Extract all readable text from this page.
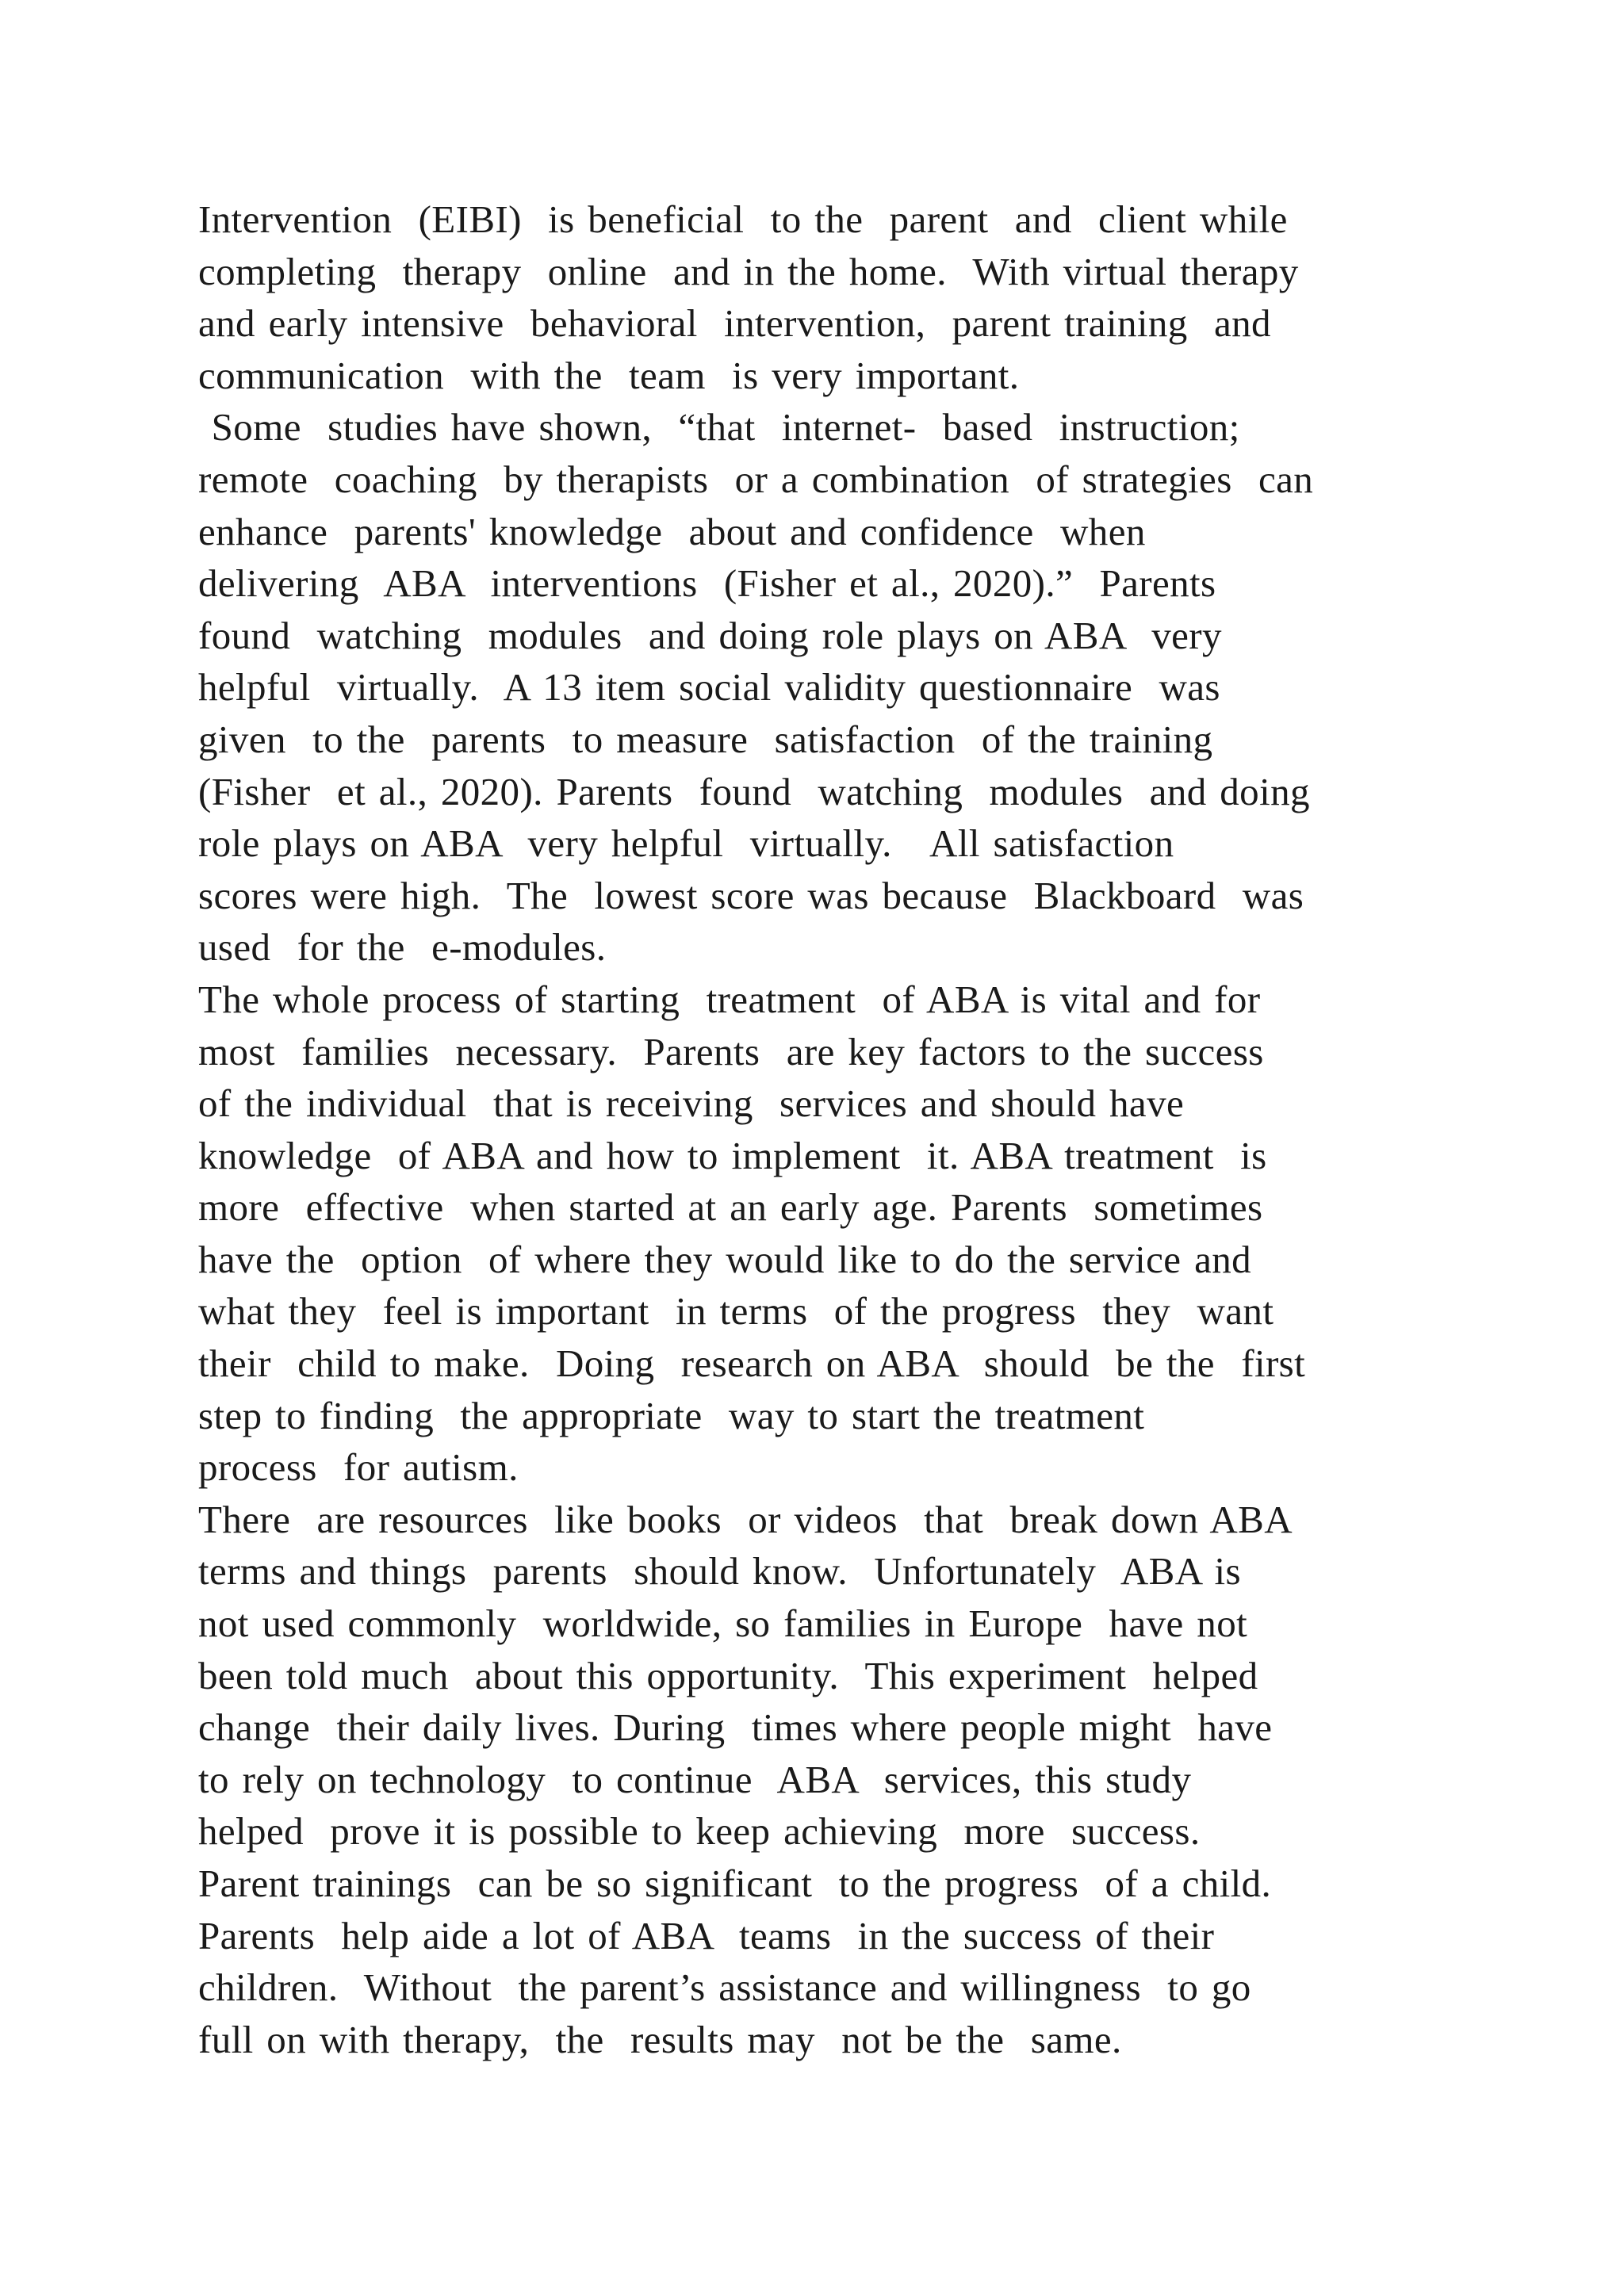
Intervention  (EIBI)  is beneficial  to the  parent  and  client while
completing  therapy  online  and in the home.  With virtual therapy
and early intensive  behavioral  intervention,  parent training  and
communication  with the  team  is very important.
Some  studies have shown,  “that  internet-  based  instruction;
remote  coaching  by therapists  or a combination  of strategies  can
enhance  parents' knowledge  about and confidence  when
delivering  ABA  interventions  (Fisher et al., 2020).”  Parents
found  watching  modules  and doing role plays on ABA  very
helpful  virtually.  A 13 item social validity questionnaire  was
given  to the  parents  to measure  satisfaction  of the training
(Fisher  et al., 2020). Parents  found  watching  modules  and doing
role plays on ABA  very helpful  virtually.   All satisfaction
scores were high.  The  lowest score was because  Blackboard  was
used  for the  e-modules.
The whole process of starting  treatment  of ABA is vital and for
most  families  necessary.  Parents  are key factors to the success
of the individual  that is receiving  services and should have
knowledge  of ABA and how to implement  it. ABA treatment  is
more  effective  when started at an early age. Parents  sometimes
have the  option  of where they would like to do the service and
what they  feel is important  in terms  of the progress  they  want
their  child to make.  Doing  research on ABA  should  be the  first
step to finding  the appropriate  way to start the treatment
process  for autism.
There  are resources  like books  or videos  that  break down ABA
terms and things  parents  should know.  Unfortunately  ABA is
not used commonly  worldwide, so families in Europe  have not
been told much  about this opportunity.  This experiment  helped
change  their daily lives. During  times where people might  have
to rely on technology  to continue  ABA  services, this study
helped  prove it is possible to keep achieving  more  success.
Parent trainings  can be so significant  to the progress  of a child.
Parents  help aide a lot of ABA  teams  in the success of their
children.  Without  the parent’s assistance and willingness  to go
full on with therapy,  the  results may  not be the  same.
